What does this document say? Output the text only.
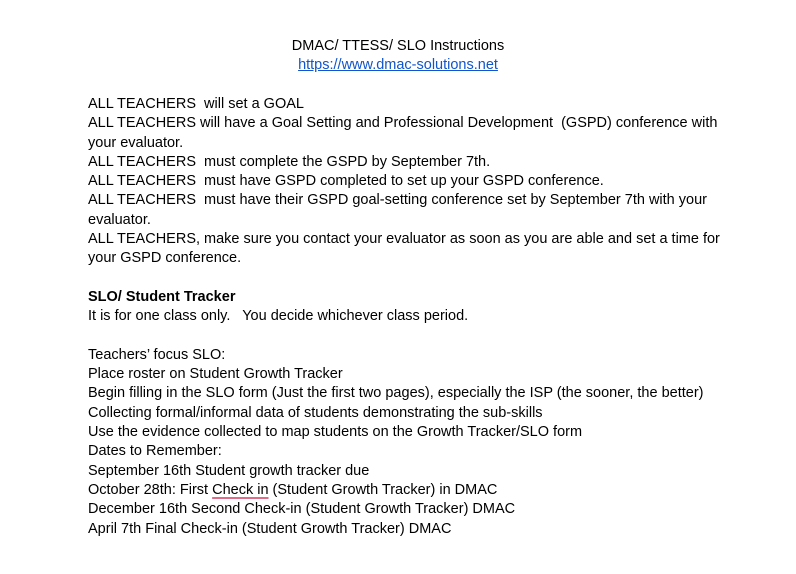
DMAC/ TTESS/ SLO Instructions
https://www.dmac-solutions.net
ALL TEACHERS  will set a GOAL
ALL TEACHERS will have a Goal Setting and Professional Development  (GSPD) conference with your evaluator.
ALL TEACHERS  must complete the GSPD by September 7th.
ALL TEACHERS  must have GSPD completed to set up your GSPD conference.
ALL TEACHERS  must have their GSPD goal-setting conference set by September 7th with your evaluator.
ALL TEACHERS, make sure you contact your evaluator as soon as you are able and set a time for your GSPD conference.
SLO/ Student Tracker
It is for one class only.   You decide whichever class period.
Teachers’ focus SLO:
Place roster on Student Growth Tracker
Begin filling in the SLO form (Just the first two pages), especially the ISP (the sooner, the better)
Collecting formal/informal data of students demonstrating the sub-skills
Use the evidence collected to map students on the Growth Tracker/SLO form
Dates to Remember:
September 16th Student growth tracker due
October 28th: First Check in (Student Growth Tracker) in DMAC
December 16th Second Check-in (Student Growth Tracker) DMAC
April 7th Final Check-in (Student Growth Tracker) DMAC
